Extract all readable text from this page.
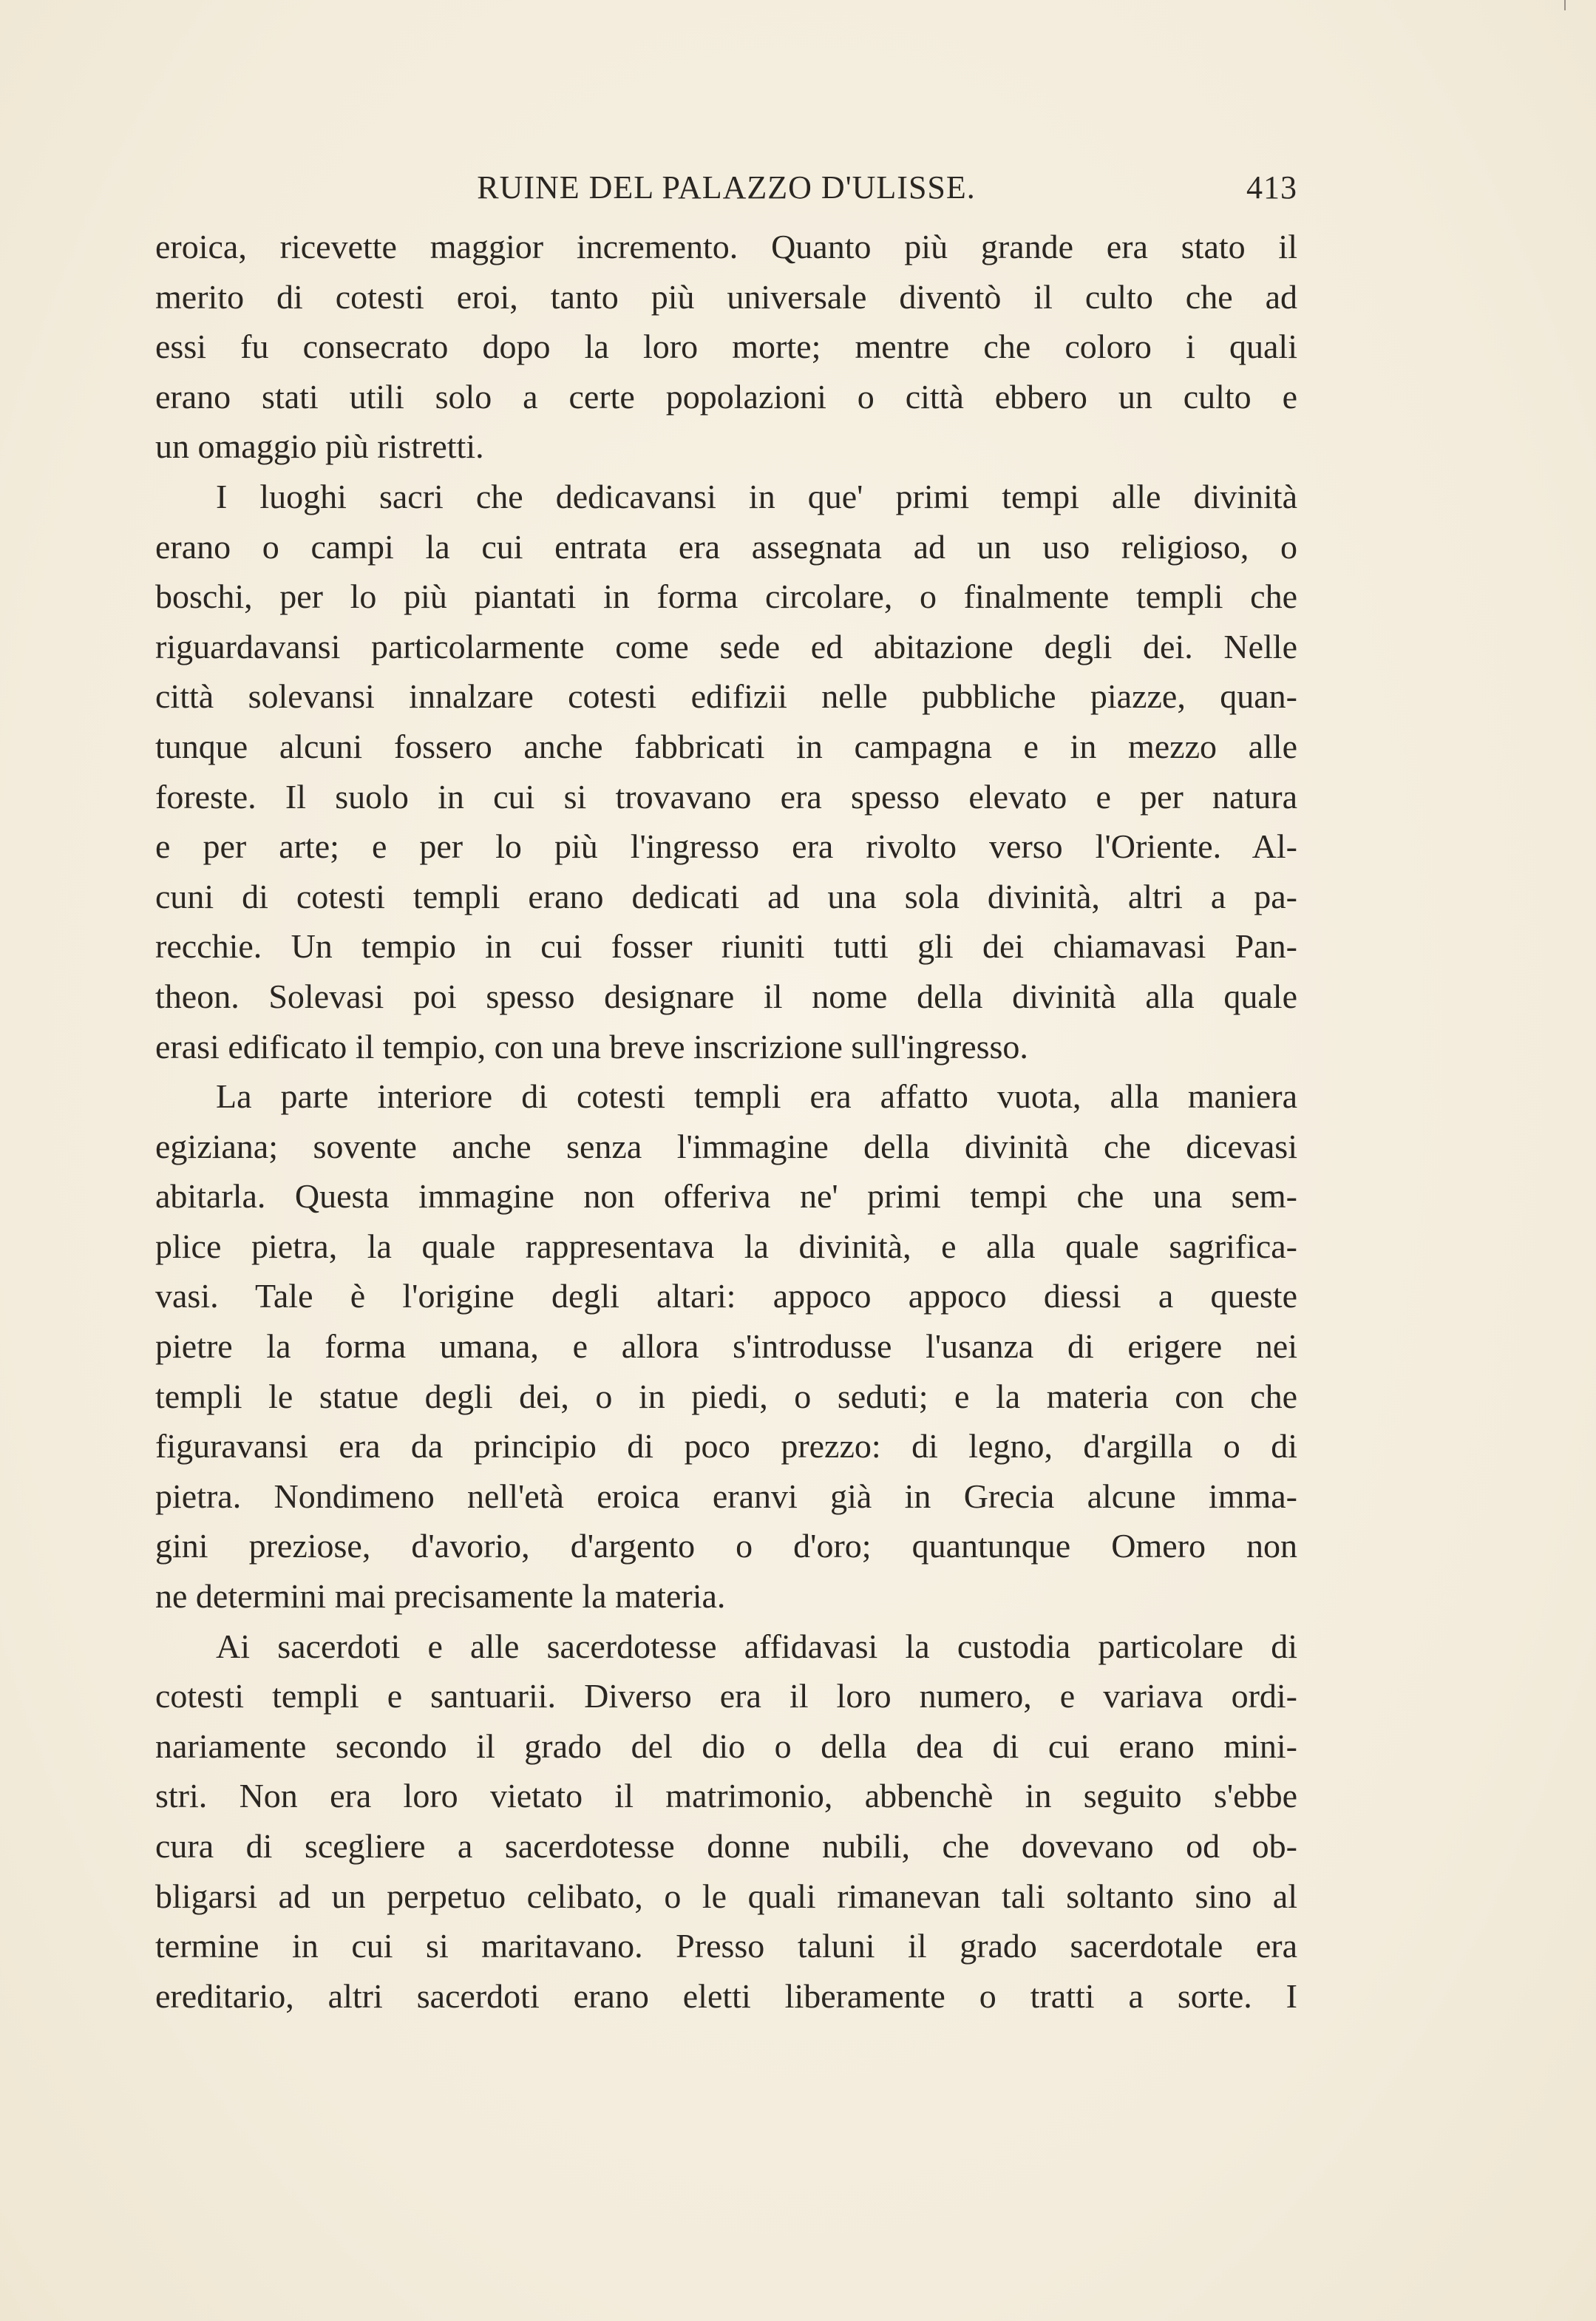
RUINE DEL PALAZZO D'ULISSE.	413
eroica, ricevette maggior incremento. Quanto più grande era stato il
merito di cotesti eroi, tanto più universale diventò il culto che ad
essi fu consecrato dopo la loro morte; mentre che coloro i quali
erano stati utili solo a certe popolazioni o città ebbero un culto e
un omaggio più ristretti.
I luoghi sacri che dedicavansi in que' primi tempi alle divinità
erano o campi la cui entrata era assegnata ad un uso religioso, o
boschi, per lo più piantati in forma circolare, o finalmente templi che
riguardavansi particolarmente come sede ed abitazione degli dei. Nelle
città solevansi innalzare cotesti edifizii nelle pubbliche piazze, quan-
tunque alcuni fossero anche fabbricati in campagna e in mezzo alle
foreste. Il suolo in cui si trovavano era spesso elevato e per natura
e per arte; e per lo più l'ingresso era rivolto verso l'Oriente. Al-
cuni di cotesti templi erano dedicati ad una sola divinità, altri a pa-
recchie. Un tempio in cui fosser riuniti tutti gli dei chiamavasi Pan-
theon. Solevasi poi spesso designare il nome della divinità alla quale
erasi edificato il tempio, con una breve inscrizione sull'ingresso.
La parte interiore di cotesti templi era affatto vuota, alla maniera
egiziana; sovente anche senza l'immagine della divinità che dicevasi
abitarla. Questa immagine non offeriva ne' primi tempi che una sem-
plice pietra, la quale rappresentava la divinità, e alla quale sagrifica-
vasi. Tale è l'origine degli altari: appoco appoco diessi a queste
pietre la forma umana, e allora s'introdusse l'usanza di erigere nei
templi le statue degli dei, o in piedi, o seduti; e la materia con che
figuravansi era da principio di poco prezzo: di legno, d'argilla o di
pietra. Nondimeno nell'età eroica eranvi già in Grecia alcune imma-
gini preziose, d'avorio, d'argento o d'oro; quantunque Omero non
ne determini mai precisamente la materia.
Ai sacerdoti e alle sacerdotesse affidavasi la custodia particolare di
cotesti templi e santuarii. Diverso era il loro numero, e variava ordi-
nariamente secondo il grado del dio o della dea di cui erano mini-
stri. Non era loro vietato il matrimonio, abbenchè in seguito s'ebbe
cura di scegliere a sacerdotesse donne nubili, che dovevano od ob-
bligarsi ad un perpetuo celibato, o le quali rimanevan tali soltanto sino al
termine in cui si maritavano. Presso taluni il grado sacerdotale era
ereditario, altri sacerdoti erano eletti liberamente o tratti a sorte. I
